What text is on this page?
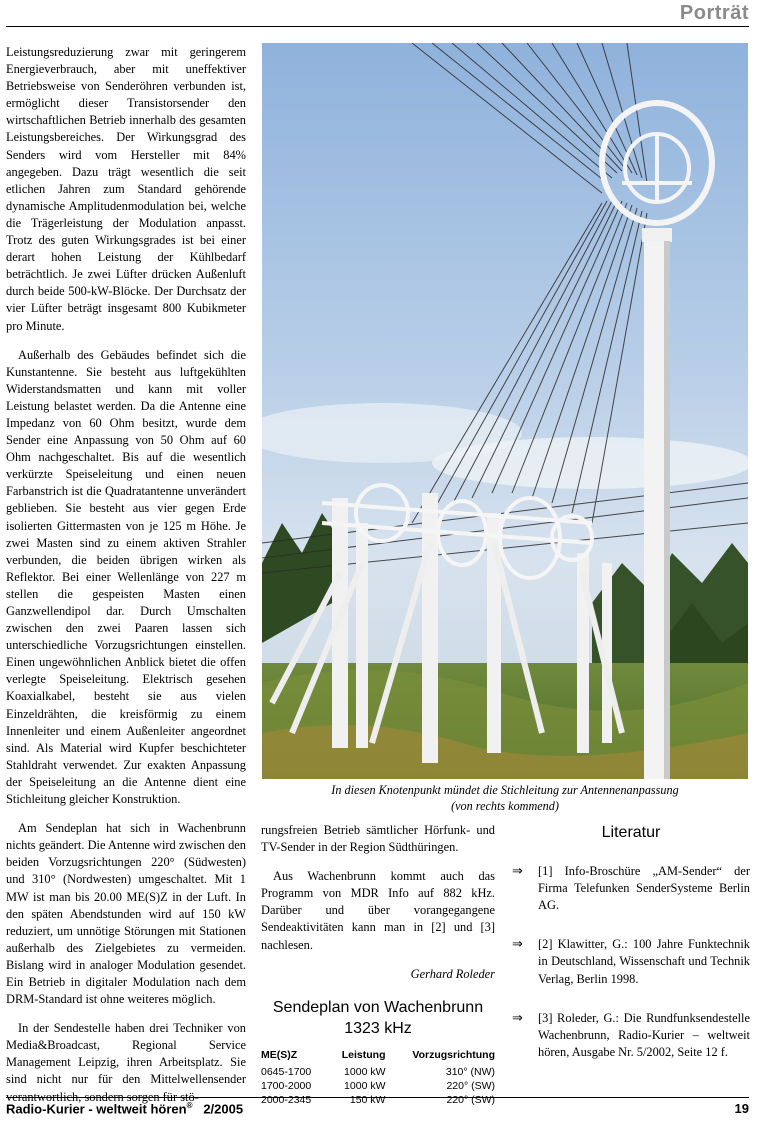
Porträt

Leistungsreduzierung zwar mit geringerem Energieverbrauch, aber mit uneffektiver Betriebsweise von Senderöhren verbunden ist, ermöglicht dieser Transistorsender den wirtschaftlichen Betrieb innerhalb des gesamten Leistungsbereiches. Der Wirkungsgrad des Senders wird vom Hersteller mit 84% angegeben. Dazu trägt wesentlich die seit etlichen Jahren zum Standard gehörende dynamische Amplitudenmodulation bei, welche die Trägerleistung der Modulation anpasst. Trotz des guten Wirkungsgrades ist bei einer derart hohen Leistung der Kühlbedarf beträchtlich. Je zwei Lüfter drücken Außenluft durch beide 500-kW-Blöcke. Der Durchsatz der vier Lüfter beträgt insgesamt 800 Kubikmeter pro Minute.

Außerhalb des Gebäudes befindet sich die Kunstantenne. Sie besteht aus luftgekühlten Widerstandsmatten und kann mit voller Leistung belastet werden. Da die Antenne eine Impedanz von 60 Ohm besitzt, wurde dem Sender eine Anpassung von 50 Ohm auf 60 Ohm nachgeschaltet. Bis auf die wesentlich verkürzte Speiseleitung und einen neuen Farbanstrich ist die Quadratantenne unverändert geblieben. Sie besteht aus vier gegen Erde isolierten Gittermasten von je 125 m Höhe. Je zwei Masten sind zu einem aktiven Strahler verbunden, die beiden übrigen wirken als Reflektor. Bei einer Wellenlänge von 227 m stellen die gespeisten Masten einen Ganzwellendipol dar. Durch Umschalten zwischen den zwei Paaren lassen sich unterschiedliche Vorzugsrichtungen einstellen. Einen ungewöhnlichen Anblick bietet die offen verlegte Speiseleitung. Elektrisch gesehen Koaxialkabel, besteht sie aus vielen Einzeldrähten, die kreisförmig zu einem Innenleiter und einem Außenleiter angeordnet sind. Als Material wird Kupfer beschichteter Stahldraht verwendet. Zur exakten Anpassung der Speiseleitung an die Antenne dient eine Stichleitung gleicher Konstruktion.

Am Sendeplan hat sich in Wachenbrunn nichts geändert. Die Antenne wird zwischen den beiden Vorzugsrichtungen 220° (Südwesten) und 310° (Nordwesten) umgeschaltet. Mit 1 MW ist man bis 20.00 ME(S)Z in der Luft. In den späten Abendstunden wird auf 150 kW reduziert, um unnötige Störungen mit Stationen außerhalb des Zielgebietes zu vermeiden. Bislang wird in analoger Modulation gesendet. Ein Betrieb in digitaler Modulation nach dem DRM-Standard ist ohne weiteres möglich.

In der Sendestelle haben drei Techniker von Media&Broadcast, Regional Service Management Leipzig, ihren Arbeitsplatz. Sie sind nicht nur für den Mittelwellensender verantwortlich, sondern sorgen für stö-

In diesen Knotenpunkt mündet die Stichleitung zur Antennenanpassung
(von rechts kommend)

rungsfreien Betrieb sämtlicher Hörfunk- und TV-Sender in der Region Südthüringen.

Aus Wachenbrunn kommt auch das Programm von MDR Info auf 882 kHz. Darüber und über vorangegangene Sendeaktivitäten kann man in [2] und [3] nachlesen.

Gerhard Roleder

Sendeplan von Wachenbrunn 1323 kHz
ME(S)Z	Leistung	Vorzugsrichtung
0645-1700	1000 kW	310° (NW)
1700-2000	1000 kW	220° (SW)
2000-2345	150 kW	220° (SW)
Literatur
⇒	[1] Info-Broschüre „AM-Sender“ der Firma Telefunken SenderSysteme Berlin AG.
⇒	[2] Klawitter, G.: 100 Jahre Funktechnik in Deutschland, Wissenschaft und Technik Verlag, Berlin 1998.
⇒	[3] Roleder, G.: Die Rundfunksendestelle Wachenbrunn, Radio-Kurier – weltweit hören, Ausgabe Nr. 5/2002, Seite 12 f.
Radio-Kurier - weltweit hören® 2/2005	19
